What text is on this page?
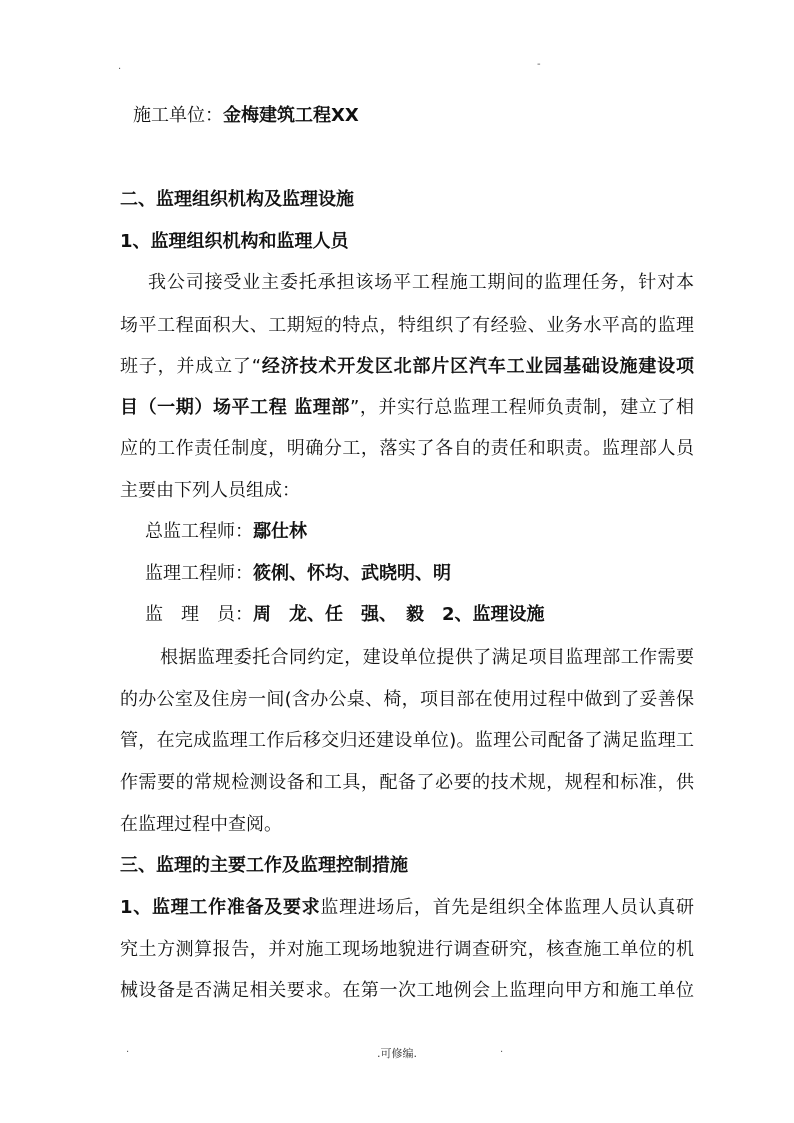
.	-
施工单位：金梅建筑工程XX
二、监理组织机构及监理设施
1、监理组织机构和监理人员
我公司接受业主委托承担该场平工程施工期间的监理任务，针对本
场平工程面积大、工期短的特点，特组织了有经验、业务水平高的监理
班子，并成立了“经济技术开发区北部片区汽车工业园基础设施建设项
目（一期）场平工程 监理部”，并实行总监理工程师负责制，建立了相
应的工作责任制度，明确分工，落实了各自的责任和职责。监理部人员
主要由下列人员组成：
总监工程师：鄢仕林
监理工程师：筱俐、怀均、武晓明、明
监　理　员：周　龙、任　强、　毅　2、监理设施
根据监理委托合同约定，建设单位提供了满足项目监理部工作需要
的办公室及住房一间(含办公桌、椅，项目部在使用过程中做到了妥善保
管，在完成监理工作后移交归还建设单位)。监理公司配备了满足监理工
作需要的常规检测设备和工具，配备了必要的技术规，规程和标准，供
在监理过程中查阅。
三、监理的主要工作及监理控制措施
1、监理工作准备及要求监理进场后，首先是组织全体监理人员认真研
究土方测算报告，并对施工现场地貌进行调查研究，核查施工单位的机
械设备是否满足相关要求。在第一次工地例会上监理向甲方和施工单位
.	.可修编.	.
